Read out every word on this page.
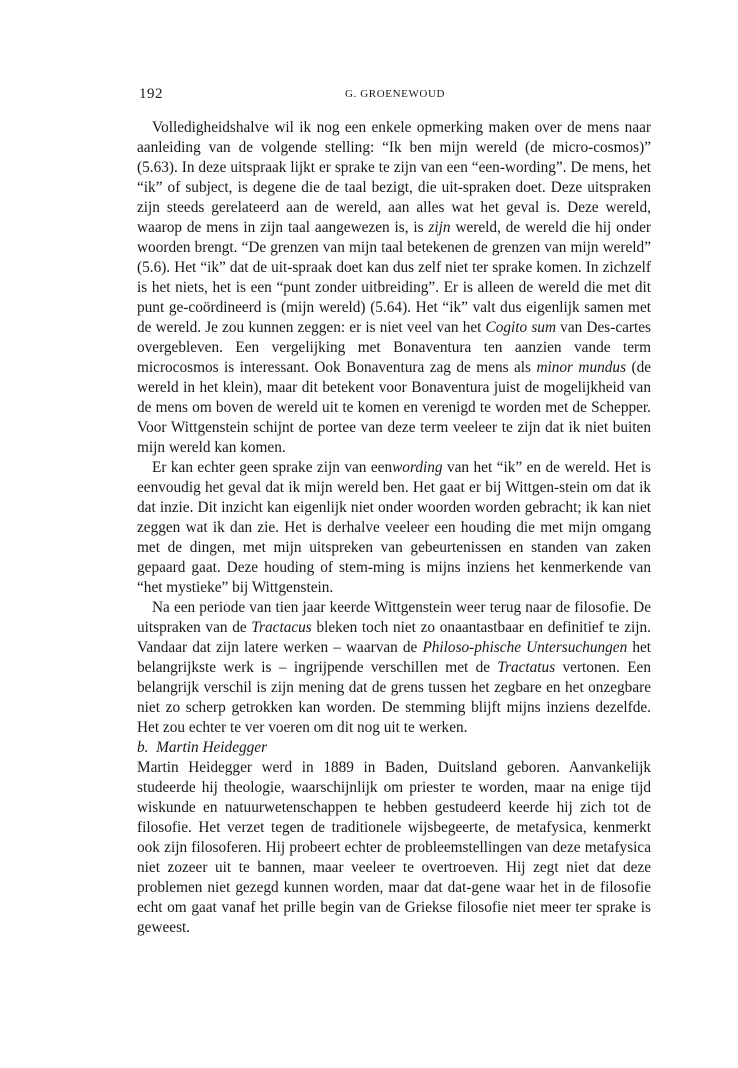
192	G. GROENEWOUD

Volledigheidshalve wil ik nog een enkele opmerking maken over de mens naar aanleiding van de volgende stelling: “Ik ben mijn wereld (de micro-cosmos)” (5.63). In deze uitspraak lijkt er sprake te zijn van een “een-wording”. De mens, het “ik” of subject, is degene die de taal bezigt, die uit-spraken doet. Deze uitspraken zijn steeds gerelateerd aan de wereld, aan alles wat het geval is. Deze wereld, waarop de mens in zijn taal aangewezen is, is zijn wereld, de wereld die hij onder woorden brengt. “De grenzen van mijn taal betekenen de grenzen van mijn wereld” (5.6). Het “ik” dat de uit-spraak doet kan dus zelf niet ter sprake komen. In zichzelf is het niets, het is een “punt zonder uitbreiding”. Er is alleen de wereld die met dit punt ge-coördineerd is (mijn wereld) (5.64). Het “ik” valt dus eigenlijk samen met de wereld. Je zou kunnen zeggen: er is niet veel van het Cogito sum van Des-cartes overgebleven. Een vergelijking met Bonaventura ten aanzien vande term microcosmos is interessant. Ook Bonaventura zag de mens als minor mundus (de wereld in het klein), maar dit betekent voor Bonaventura juist de mogelijkheid van de mens om boven de wereld uit te komen en verenigd te worden met de Schepper. Voor Wittgenstein schijnt de portee van deze term veeleer te zijn dat ik niet buiten mijn wereld kan komen.

Er kan echter geen sprake zijn van eenwording van het “ik” en de wereld. Het is eenvoudig het geval dat ik mijn wereld ben. Het gaat er bij Wittgen-stein om dat ik dat inzie. Dit inzicht kan eigenlijk niet onder woorden worden gebracht; ik kan niet zeggen wat ik dan zie. Het is derhalve veeleer een houding die met mijn omgang met de dingen, met mijn uitspreken van gebeurtenissen en standen van zaken gepaard gaat. Deze houding of stem-ming is mijns inziens het kenmerkende van “het mystieke” bij Wittgenstein.

Na een periode van tien jaar keerde Wittgenstein weer terug naar de filosofie. De uitspraken van de Tractacus bleken toch niet zo onaantastbaar en definitief te zijn. Vandaar dat zijn latere werken – waarvan de Philoso-phische Untersuchungen het belangrijkste werk is – ingrijpende verschillen met de Tractatus vertonen. Een belangrijk verschil is zijn mening dat de grens tussen het zegbare en het onzegbare niet zo scherp getrokken kan worden. De stemming blijft mijns inziens dezelfde. Het zou echter te ver voeren om dit nog uit te werken.

b. Martin Heidegger

Martin Heidegger werd in 1889 in Baden, Duitsland geboren. Aanvankelijk studeerde hij theologie, waarschijnlijk om priester te worden, maar na enige tijd wiskunde en natuurwetenschappen te hebben gestudeerd keerde hij zich tot de filosofie. Het verzet tegen de traditionele wijsbegeerte, de metafysica, kenmerkt ook zijn filosoferen. Hij probeert echter de probleemstellingen van deze metafysica niet zozeer uit te bannen, maar veeleer te overtroeven. Hij zegt niet dat deze problemen niet gezegd kunnen worden, maar dat dat-gene waar het in de filosofie echt om gaat vanaf het prille begin van de Griekse filosofie niet meer ter sprake is geweest.
